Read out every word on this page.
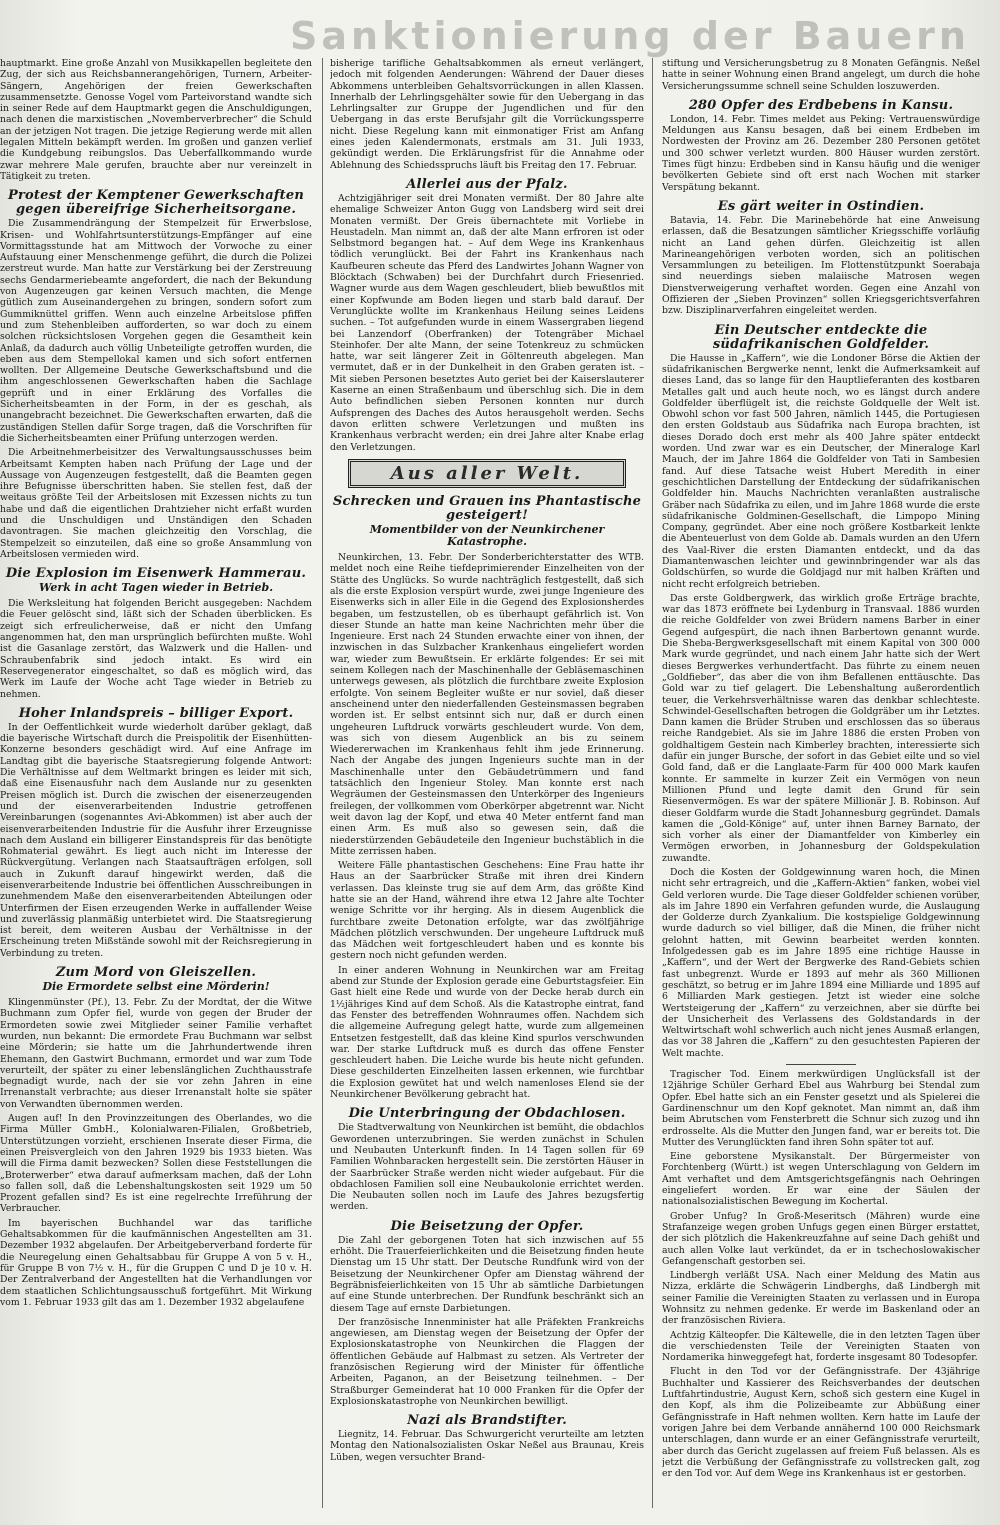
Sanktionierung der Bauern

hauptmarkt. Eine große Anzahl von Musikkapellen begleitete den Zug, der sich aus Reichsbannerangehörigen, Turnern, Arbeiter-Sängern, Angehörigen der freien Gewerkschaften zusammensetzte. Genosse Vogel vom Parteivorstand wandte sich in seiner Rede auf dem Hauptmarkt gegen die Anschuldigungen, nach denen die marxistischen „Novemberverbrecher“ die Schuld an der jetzigen Not tragen. Die jetzige Regierung werde mit allen legalen Mitteln bekämpft werden. Im großen und ganzen verlief die Kundgebung reibungslos. Das Ueberfallkommando wurde zwar mehrere Male gerufen, brauchte aber nur vereinzelt in Tätigkeit zu treten.

Protest der Kemptener Gewerkschaften gegen übereifrige Sicherheitsorgane.

Die Zusammendrängung der Stempelzeit für Erwerbslose, Krisen- und Wohlfahrtsunterstützungs-Empfänger auf eine Vormittagsstunde hat am Mittwoch der Vorwoche zu einer Aufstauung einer Menschenmenge geführt, die durch die Polizei zerstreut wurde. Man hatte zur Verstärkung bei der Zerstreuung sechs Gendarmeriebeamte angefordert, die nach der Bekundung von Augenzeugen gar keinen Versuch machten, die Menge gütlich zum Auseinandergehen zu bringen, sondern sofort zum Gummiknüttel griffen. Wenn auch einzelne Arbeitslose pfiffen und zum Stehenbleiben aufforderten, so war doch zu einem solchen rücksichtslosen Vorgehen gegen die Gesamtheit kein Anlaß, da dadurch auch völlig Unbeteiligte getroffen wurden, die eben aus dem Stempellokal kamen und sich sofort entfernen wollten. Der Allgemeine Deutsche Gewerkschaftsbund und die ihm angeschlossenen Gewerkschaften haben die Sachlage geprüft und in einer Erklärung des Vorfalles die Sicherheitsbeamten in der Form, in der es geschah, als unangebracht bezeichnet. Die Gewerkschaften erwarten, daß die zuständigen Stellen dafür Sorge tragen, daß die Vorschriften für die Sicherheitsbeamten einer Prüfung unterzogen werden.

Die Arbeitnehmerbeisitzer des Verwaltungsausschusses beim Arbeitsamt Kempten haben nach Prüfung der Lage und der Aussage von Augenzeugen festgestellt, daß die Beamten gegen ihre Befugnisse überschritten haben. Sie stellen fest, daß der weitaus größte Teil der Arbeitslosen mit Exzessen nichts zu tun habe und daß die eigentlichen Drahtzieher nicht erfaßt wurden und die Unschuldigen und Unständigen den Schaden davontragen. Sie machen gleichzeitig den Vorschlag, die Stempelzeit so einzuteilen, daß eine so große Ansammlung von Arbeitslosen vermieden wird.

Die Explosion im Eisenwerk Hammerau.
Werk in acht Tagen wieder in Betrieb.

Die Werksleitung hat folgenden Bericht ausgegeben: Nachdem die Feuer gelöscht sind, läßt sich der Schaden überblicken. Es zeigt sich erfreulicherweise, daß er nicht den Umfang angenommen hat, den man ursprünglich befürchten mußte. Wohl ist die Gasanlage zerstört, das Walzwerk und die Hallen- und Schraubenfabrik sind jedoch intakt. Es wird ein Reservegenerator eingeschaltet, so daß es möglich wird, das Werk im Laufe der Woche acht Tage wieder in Betrieb zu nehmen.

Hoher Inlandspreis – billiger Export.

In der Oeffentlichkeit wurde wiederholt darüber geklagt, daß die bayerische Wirtschaft durch die Preispolitik der Eisenhütten-Konzerne besonders geschädigt wird. Auf eine Anfrage im Landtag gibt die bayerische Staatsregierung folgende Antwort: Die Verhältnisse auf dem Weltmarkt bringen es leider mit sich, daß eine Eisenausfuhr nach dem Auslande nur zu gesenkten Preisen möglich ist. Durch die zwischen der eisenerzeugenden und der eisenverarbeitenden Industrie getroffenen Vereinbarungen (sogenanntes Avi-Abkommen) ist aber auch der eisenverarbeitenden Industrie für die Ausfuhr ihrer Erzeugnisse nach dem Ausland ein billigerer Einstandspreis für das benötigte Rohmaterial gewährt. Es liegt auch nicht im Interesse der Rückvergütung. Verlangen nach Staatsaufträgen erfolgen, soll auch in Zukunft darauf hingewirkt werden, daß die eisenverarbeitende Industrie bei öffentlichen Ausschreibungen in zunehmendem Maße den eisenverarbeitenden Abteilungen oder Unterfirmen der Eisen erzeugenden Werke in auffallender Weise und zuverlässig planmäßig unterbietet wird. Die Staatsregierung ist bereit, dem weiteren Ausbau der Verhältnisse in der Erscheinung treten Mißstände sowohl mit der Reichsregierung in Verbindung zu treten.

Zum Mord von Gleiszellen.
Die Ermordete selbst eine Mörderin!

Klingenmünster (Pf.), 13. Febr. Zu der Mordtat, der die Witwe Buchmann zum Opfer fiel, wurde von gegen der Bruder der Ermordeten sowie zwei Mitglieder seiner Familie verhaftet wurden, nun bekannt: Die ermordete Frau Buchmann war selbst eine Mörderin; sie hatte um die Jahrhundertwende ihren Ehemann, den Gastwirt Buchmann, ermordet und war zum Tode verurteilt, der später zu einer lebenslänglichen Zuchthausstrafe begnadigt wurde, nach der sie vor zehn Jahren in eine Irrenanstalt verbrachte; aus dieser Irrenanstalt holte sie später von Verwandten übernommen werden.

Augen auf! In den Provinzzeitungen des Oberlandes, wo die Firma Müller GmbH., Kolonialwaren-Filialen, Großbetrieb, Unterstützungen vorzieht, erschienen Inserate dieser Firma, die einen Preisvergleich von den Jahren 1929 bis 1933 bieten. Was will die Firma damit bezwecken? Sollen diese Feststellungen die „Broterwerber“ etwa darauf aufmerksam machen, daß der Lohn so fallen soll, daß die Lebenshaltungskosten seit 1929 um 50 Prozent gefallen sind? Es ist eine regelrechte Irreführung der Verbraucher.

Im bayerischen Buchhandel war das tarifliche Gehaltsabkommen für die kaufmännischen Angestellten am 31. Dezember 1932 abgelaufen. Der Arbeitgeberverband forderte für die Neuregelung einen Gehaltsabbau für Gruppe A von 5 v. H., für Gruppe B von 7½ v. H., für die Gruppen C und D je 10 v. H. Der Zentralverband der Angestellten hat die Verhandlungen vor dem staatlichen Schlichtungsausschuß fortgeführt. Mit Wirkung vom 1. Februar 1933 gilt das am 1. Dezember 1932 abgelaufene

bisherige tarifliche Gehaltsabkommen als erneut verlängert, jedoch mit folgenden Aenderungen: Während der Dauer dieses Abkommens unterbleiben Gehaltsvorrückungen in allen Klassen. Innerhalb der Lehrlingsgehälter sowie für den Uebergang in das Lehrlingsalter zur Gruppe der Jugendlichen und für den Uebergang in das erste Berufsjahr gilt die Vorrückungssperre nicht. Diese Regelung kann mit einmonatiger Frist am Anfang eines jeden Kalendermonats, erstmals am 31. Juli 1933, gekündigt werden. Die Erklärungsfrist für die Annahme oder Ablehnung des Schiedsspruchs läuft bis Freitag den 17. Februar.

Allerlei aus der Pfalz.

Achtzigjähriger seit drei Monaten vermißt. Der 80 Jahre alte ehemalige Schweizer Anton Gugg von Landsberg wird seit drei Monaten vermißt. Der Greis übernachtete mit Vorliebe in Heustadeln. Man nimmt an, daß der alte Mann erfroren ist oder Selbstmord begangen hat. – Auf dem Wege ins Krankenhaus tödlich verunglückt. Bei der Fahrt ins Krankenhaus nach Kaufbeuren scheute das Pferd des Landwirtes Johann Wagner von Blöcktach (Schwaben) bei der Durchfahrt durch Friesenried. Wagner wurde aus dem Wagen geschleudert, blieb bewußtlos mit einer Kopfwunde am Boden liegen und starb bald darauf. Der Verunglückte wollte im Krankenhaus Heilung seines Leidens suchen. – Tot aufgefunden wurde in einem Wassergraben liegend bei Lanzendorf (Oberfranken) der Totengräber Michael Steinhofer. Der alte Mann, der seine Totenkreuz zu schmücken hatte, war seit längerer Zeit in Göltenreuth abgelegen. Man vermutet, daß er in der Dunkelheit in den Graben geraten ist. – Mit sieben Personen besetztes Auto geriet bei der Kaiserslauterer Kaserne an einen Straßenbaum und überschlug sich. Die in dem Auto befindlichen sieben Personen konnten nur durch Aufsprengen des Daches des Autos herausgeholt werden. Sechs davon erlitten schwere Verletzungen und mußten ins Krankenhaus verbracht werden; ein drei Jahre alter Knabe erlag den Verletzungen.

Aus aller Welt.
Schrecken und Grauen ins Phantastische gesteigert!
Momentbilder von der Neunkirchener Katastrophe.

Neunkirchen, 13. Febr. Der Sonderberichterstatter des WTB. meldet noch eine Reihe tiefdeprimierender Einzelheiten von der Stätte des Unglücks. So wurde nachträglich festgestellt, daß sich als die erste Explosion verspürt wurde, zwei junge Ingenieure des Eisenwerks sich in aller Eile in die Gegend des Explosionsherdes begaben, um festzustellen, ob es überhaupt gefährlich ist. Von dieser Stunde an hatte man keine Nachrichten mehr über die Ingenieure. Erst nach 24 Stunden erwachte einer von ihnen, der inzwischen in das Sulzbacher Krankenhaus eingeliefert worden war, wieder zum Bewußtsein. Er erklärte folgendes: Er sei mit seinem Kollegen nach der Maschinenhalle der Gebläsemaschinen unterwegs gewesen, als plötzlich die furchtbare zweite Explosion erfolgte. Von seinem Begleiter wußte er nur soviel, daß dieser anscheinend unter den niederfallenden Gesteinsmassen begraben worden ist. Er selbst entsinnt sich nur, daß er durch einen ungeheuren Luftdruck vorwärts geschleudert wurde. Von dem, was sich von diesem Augenblick an bis zu seinem Wiedererwachen im Krankenhaus fehlt ihm jede Erinnerung. Nach der Angabe des jungen Ingenieurs suchte man in der Maschinenhalle unter den Gebäudetrümmern und fand tatsächlich den Ingenieur Stoley. Man konnte erst nach Wegräumen der Gesteinsmassen den Unterkörper des Ingenieurs freilegen, der vollkommen vom Oberkörper abgetrennt war. Nicht weit davon lag der Kopf, und etwa 40 Meter entfernt fand man einen Arm. Es muß also so gewesen sein, daß die niederstürzenden Gebäudeteile den Ingenieur buchstäblich in die Mitte zerrissen haben.

Weitere Fälle phantastischen Geschehens: Eine Frau hatte ihr Haus an der Saarbrücker Straße mit ihren drei Kindern verlassen. Das kleinste trug sie auf dem Arm, das größte Kind hatte sie an der Hand, während ihre etwa 12 Jahre alte Tochter wenige Schritte vor ihr herging. Als in diesem Augenblick die furchtbare zweite Detonation erfolgte, war das zwölfjährige Mädchen plötzlich verschwunden. Der ungeheure Luftdruck muß das Mädchen weit fortgeschleudert haben und es konnte bis gestern noch nicht gefunden werden.

In einer anderen Wohnung in Neunkirchen war am Freitag abend zur Stunde der Explosion gerade eine Geburtstagsfeier. Ein Gast hielt eine Rede und wurde von der Decke herab durch ein 1½jähriges Kind auf dem Schoß. Als die Katastrophe eintrat, fand das Fenster des betreffenden Wohnraumes offen. Nachdem sich die allgemeine Aufregung gelegt hatte, wurde zum allgemeinen Entsetzen festgestellt, daß das kleine Kind spurlos verschwunden war. Der starke Luftdruck muß es durch das offene Fenster geschleudert haben. Die Leiche wurde bis heute nicht gefunden. Diese geschilderten Einzelheiten lassen erkennen, wie furchtbar die Explosion gewütet hat und welch namenloses Elend sie der Neunkirchener Bevölkerung gebracht hat.

Die Unterbringung der Obdachlosen.

Die Stadtverwaltung von Neunkirchen ist bemüht, die obdachlos Gewordenen unterzubringen. Sie werden zunächst in Schulen und Neubauten Unterkunft finden. In 14 Tagen sollen für 69 Familien Wohnbaracken hergestellt sein. Die zerstörten Häuser in der Saarbrücker Straße werden nicht wieder aufgebaut. Für die obdachlosen Familien soll eine Neubaukolonie errichtet werden. Die Neubauten sollen noch im Laufe des Jahres bezugsfertig werden.

Die Beisetzung der Opfer.

Die Zahl der geborgenen Toten hat sich inzwischen auf 55 erhöht. Die Trauerfeierlichkeiten und die Beisetzung finden heute Dienstag um 15 Uhr statt. Der Deutsche Rundfunk wird von der Beisetzung der Neunkirchener Opfer am Dienstag während der Begräbnisfeierlichkeiten von 15 Uhr ab sämtliche Darbietungen auf eine Stunde unterbrechen. Der Rundfunk beschränkt sich an diesem Tage auf ernste Darbietungen.

Der französische Innenminister hat alle Präfekten Frankreichs angewiesen, am Dienstag wegen der Beisetzung der Opfer der Explosionskatastrophe von Neunkirchen die Flaggen der öffentlichen Gebäude auf Halbmast zu setzen. Als Vertreter der französischen Regierung wird der Minister für öffentliche Arbeiten, Paganon, an der Beisetzung teilnehmen. – Der Straßburger Gemeinderat hat 10 000 Franken für die Opfer der Explosionskatastrophe von Neunkirchen bewilligt.

Nazi als Brandstifter.

Liegnitz, 14. Februar. Das Schwurgericht verurteilte am letzten Montag den Nationalsozialisten Oskar Neßel aus Braunau, Kreis Lüben, wegen versuchter Brand-

stiftung und Versicherungsbetrug zu 8 Monaten Gefängnis. Neßel hatte in seiner Wohnung einen Brand angelegt, um durch die hohe Versicherungssumme schnell seine Schulden loszuwerden.

280 Opfer des Erdbebens in Kansu.

London, 14. Febr. Times meldet aus Peking: Vertrauenswürdige Meldungen aus Kansu besagen, daß bei einem Erdbeben im Nordwesten der Provinz am 26. Dezember 280 Personen getötet und 300 schwer verletzt wurden. 800 Häuser wurden zerstört. Times fügt hinzu: Erdbeben sind in Kansu häufig und die weniger bevölkerten Gebiete sind oft erst nach Wochen mit starker Verspätung bekannt.

Es gärt weiter in Ostindien.

Batavia, 14. Febr. Die Marinebehörde hat eine Anweisung erlassen, daß die Besatzungen sämtlicher Kriegsschiffe vorläufig nicht an Land gehen dürfen. Gleichzeitig ist allen Marineangehörigen verboten worden, sich an politischen Versammlungen zu beteiligen. Im Flottenstützpunkt Soerabaja sind neuerdings sieben malaiische Matrosen wegen Dienstverweigerung verhaftet worden. Gegen eine Anzahl von Offizieren der „Sieben Provinzen“ sollen Kriegsgerichtsverfahren bzw. Disziplinarverfahren eingeleitet werden.

Ein Deutscher entdeckte die südafrikanischen Goldfelder.

Die Hausse in „Kaffern“, wie die Londoner Börse die Aktien der südafrikanischen Bergwerke nennt, lenkt die Aufmerksamkeit auf dieses Land, das so lange für den Hauptlieferanten des kostbaren Metalles galt und auch heute noch, wo es längst durch andere Goldfelder überflügelt ist, die reichste Goldquelle der Welt ist. Obwohl schon vor fast 500 Jahren, nämlich 1445, die Portugiesen den ersten Goldstaub aus Südafrika nach Europa brachten, ist dieses Dorado doch erst mehr als 400 Jahre später entdeckt worden. Und zwar war es ein Deutscher, der Mineraloge Karl Mauch, der im Jahre 1864 die Goldfelder von Tati in Sambesien fand. Auf diese Tatsache weist Hubert Meredith in einer geschichtlichen Darstellung der Entdeckung der südafrikanischen Goldfelder hin. Mauchs Nachrichten veranlaßten australische Gräber nach Südafrika zu eilen, und im Jahre 1868 wurde die erste südafrikanische Goldminen-Gesellschaft, die Limpopo Mining Company, gegründet. Aber eine noch größere Kostbarkeit lenkte die Abenteuerlust von dem Golde ab. Damals wurden an den Ufern des Vaal-River die ersten Diamanten entdeckt, und da das Diamantenwaschen leichter und gewinnbringender war als das Goldschürfen, so wurde die Goldjagd nur mit halben Kräften und nicht recht erfolgreich betrieben.

Das erste Goldbergwerk, das wirklich große Erträge brachte, war das 1873 eröffnete bei Lydenburg in Transvaal. 1886 wurden die reiche Goldfelder von zwei Brüdern namens Barber in einer Gegend aufgespürt, die nach ihnen Barbertown genannt wurde. Die Sheba-Bergwerksgesellschaft mit einem Kapital von 300 000 Mark wurde gegründet, und nach einem Jahr hatte sich der Wert dieses Bergwerkes verhundertfacht. Das führte zu einem neuen „Goldfieber“, das aber die von ihm Befallenen enttäuschte. Das Gold war zu tief gelagert. Die Lebenshaltung außerordentlich teuer, die Verkehrsverhältnisse waren das denkbar schlechteste. Schwindel-Gesellschaften betrogen die Goldgräber um ihr Letztes. Dann kamen die Brüder Struben und erschlossen das so überaus reiche Randgebiet. Als sie im Jahre 1886 die ersten Proben von goldhaltigem Gestein nach Kimberley brachten, interessierte sich dafür ein junger Bursche, der sofort in das Gebiet eilte und so viel Gold fand, daß er die Langlaate-Farm für 400 000 Mark kaufen konnte. Er sammelte in kurzer Zeit ein Vermögen von neun Millionen Pfund und legte damit den Grund für sein Riesenvermögen. Es war der spätere Millionär J. B. Robinson. Auf dieser Goldfarm wurde die Stadt Johannesburg gegründet. Damals kamen die „Gold-Könige“ auf, unter ihnen Barney Barnato, der sich vorher als einer der Diamantfelder von Kimberley ein Vermögen erworben, in Johannesburg der Goldspekulation zuwandte.

Doch die Kosten der Goldgewinnung waren hoch, die Minen nicht sehr ertragreich, und die „Kaffern-Aktien“ fanken, wobei viel Geld verloren wurde. Die Tage dieser Goldfelder schienen vorüber, als im Jahre 1890 ein Verfahren gefunden wurde, die Auslaugung der Golderze durch Zyankalium. Die kostspielige Goldgewinnung wurde dadurch so viel billiger, daß die Minen, die früher nicht gelohnt hatten, mit Gewinn bearbeitet werden konnten. Infolgedessen gab es im Jahre 1895 eine richtige Hausse in „Kaffern“, und der Wert der Bergwerke des Rand-Gebiets schien fast unbegrenzt. Wurde er 1893 auf mehr als 360 Millionen geschätzt, so betrug er im Jahre 1894 eine Milliarde und 1895 auf 6 Milliarden Mark gestiegen. Jetzt ist wieder eine solche Wertsteigerung der „Kaffern“ zu verzeichnen, aber sie dürfte bei der Unsicherheit des Verlassens des Goldstandards in der Weltwirtschaft wohl schwerlich auch nicht jenes Ausmaß erlangen, das vor 38 Jahren die „Kaffern“ zu den gesuchtesten Papieren der Welt machte.

Tragischer Tod. Einem merkwürdigen Unglücksfall ist der 12jährige Schüler Gerhard Ebel aus Wahrburg bei Stendal zum Opfer. Ebel hatte sich an ein Fenster gesetzt und als Spielerei die Gardinenschnur um den Kopf geknotet. Man nimmt an, daß ihm beim Abrutschen vom Fensterbrett die Schnur sich zuzog und ihn erdrosselte. Als die Mutter den Jungen fand, war er bereits tot. Die Mutter des Verunglückten fand ihren Sohn später tot auf.

Eine geborstene Mysikanstalt. Der Bürgermeister von Forchtenberg (Württ.) ist wegen Unterschlagung von Geldern im Amt verhaftet und dem Amtsgerichtsgefängnis nach Oehringen eingeliefert worden. Er war eine der Säulen der nationalsozialistischen Bewegung im Kochertal.

Grober Unfug? In Groß-Meseritsch (Mähren) wurde eine Strafanzeige wegen groben Unfugs gegen einen Bürger erstattet, der sich plötzlich die Hakenkreuzfahne auf seine Dach gehißt und auch allen Volke laut verkündet, da er in tschechoslowakischer Gefangenschaft gestorben sei.

Lindbergh verläßt USA. Nach einer Meldung des Matin aus Nizza, erklärte die Schwägerin Lindberghs, daß Lindbergh mit seiner Familie die Vereinigten Staaten zu verlassen und in Europa Wohnsitz zu nehmen gedenke. Er werde im Baskenland oder an der französischen Riviera.

Achtzig Kälteopfer. Die Kältewelle, die in den letzten Tagen über die verschiedensten Teile der Vereinigten Staaten von Nordamerika hinweggefegt hat, forderte insgesamt 80 Todesopfer.

Flucht in den Tod vor der Gefängnisstrafe. Der 43jährige Buchhalter und Kassierer des Reichsverbandes der deutschen Luftfahrtindustrie, August Kern, schoß sich gestern eine Kugel in den Kopf, als ihm die Polizeibeamte zur Abbüßung einer Gefängnisstrafe in Haft nehmen wollten. Kern hatte im Laufe der vorigen Jahre bei dem Verbande annähernd 100 000 Reichsmark unterschlagen, dann wurde er an einer Gefängnisstrafe verurteilt, aber durch das Gericht zugelassen auf freiem Fuß belassen. Als es jetzt die Verbüßung der Gefängnisstrafe zu vollstrecken galt, zog er den Tod vor. Auf dem Wege ins Krankenhaus ist er gestorben.
